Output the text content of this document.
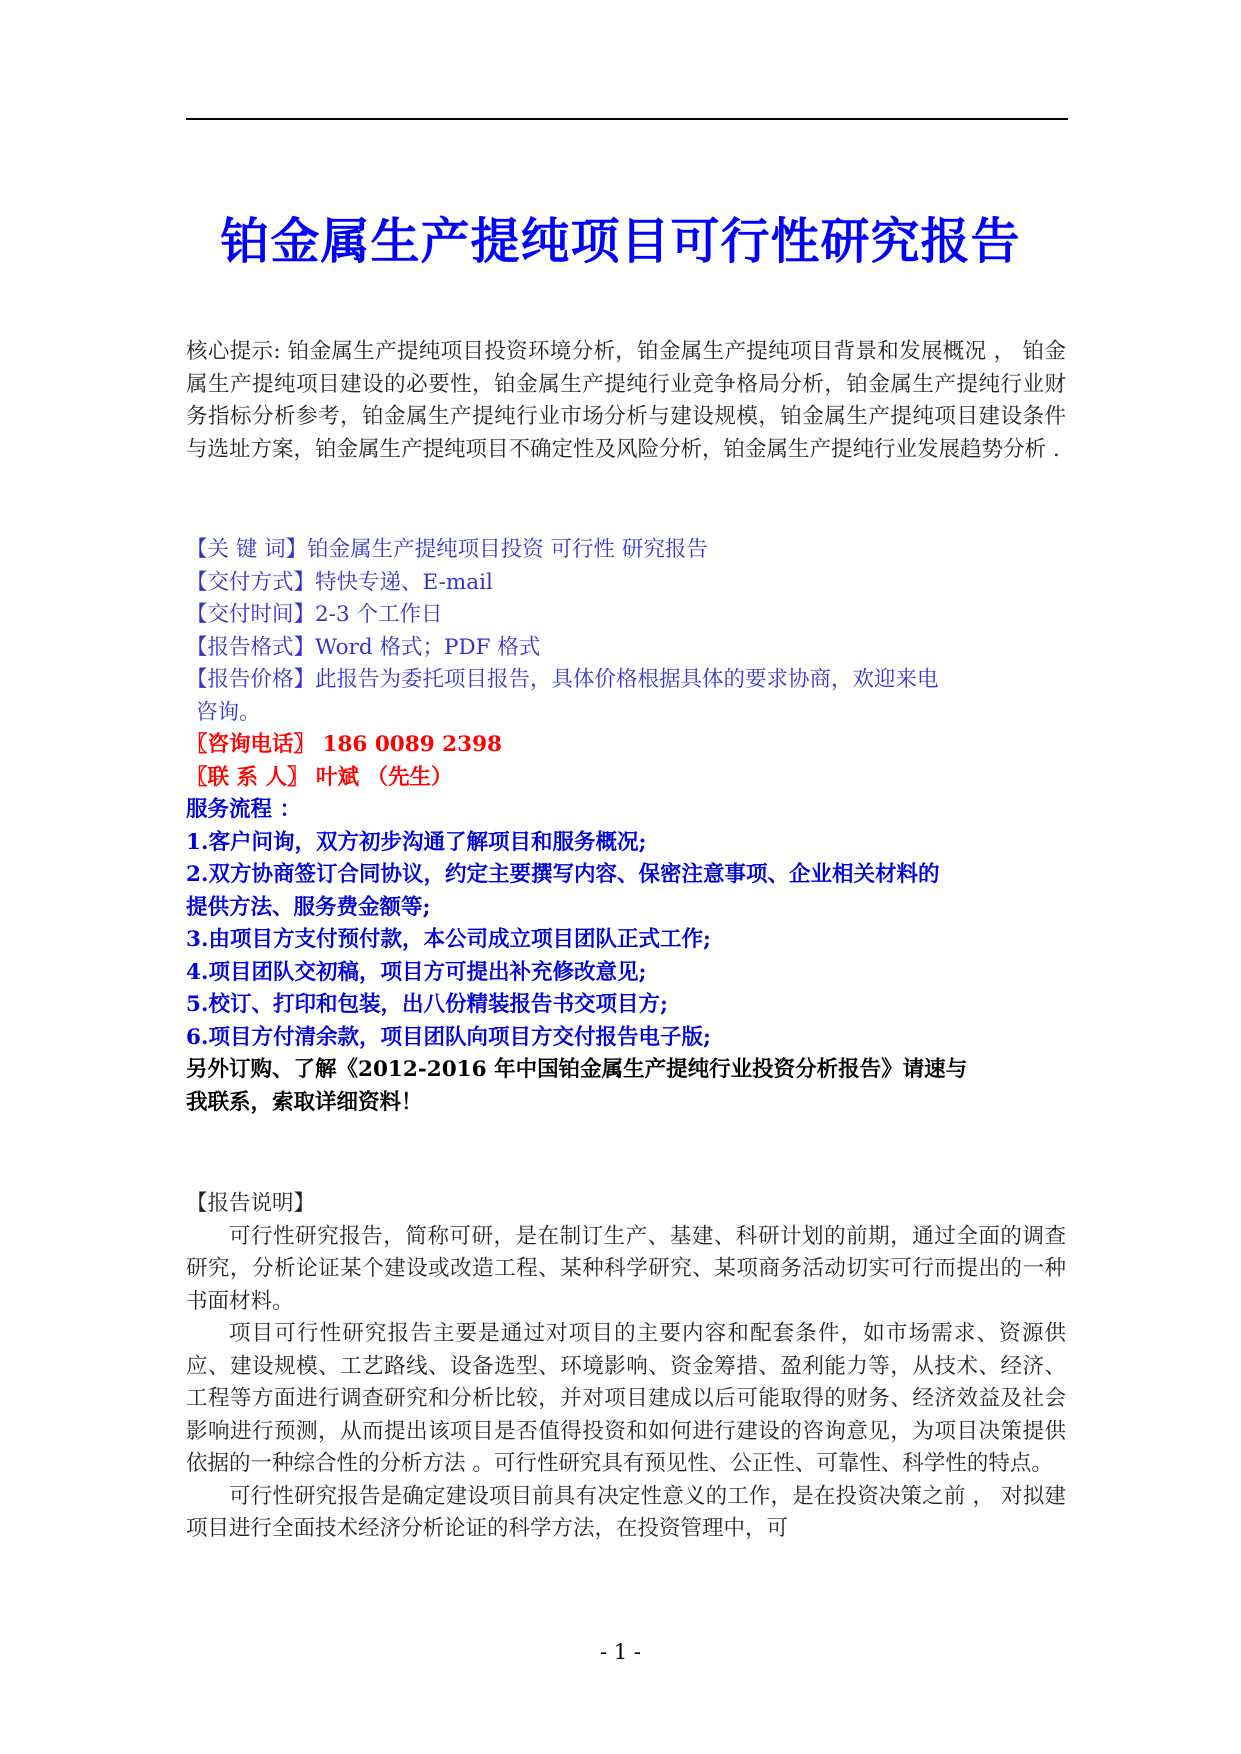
铂金属生产提纯项目可行性研究报告
核心提示: 铂金属生产提纯项目投资环境分析，铂金属生产提纯项目背景和发展概况 ， 铂金属生产提纯项目建设的必要性，铂金属生产提纯行业竞争格局分析，铂金属生产提纯行业财务指标分析参考，铂金属生产提纯行业市场分析与建设规模，铂金属生产提纯项目建设条件与选址方案，铂金属生产提纯项目不确定性及风险分析，铂金属生产提纯行业发展趋势分析 .
【关 键 词】铂金属生产提纯项目投资 可行性 研究报告
【交付方式】特快专递、E-mail
【交付时间】2-3 个工作日
【报告格式】Word 格式；PDF 格式
【报告价格】此报告为委托项目报告，具体价格根据具体的要求协商，欢迎来电
咨询。
〖咨询电话〗 186 0089 2398
〖联 系 人〗 叶斌 （先生）
服务流程 ：
1.客户问询，双方初步沟通了解项目和服务概况;
2.双方协商签订合同协议，约定主要撰写内容、保密注意事项、企业相关材料的
提供方法、服务费金额等;
3.由项目方支付预付款，本公司成立项目团队正式工作;
4.项目团队交初稿，项目方可提出补充修改意见;
5.校订、打印和包装，出八份精装报告书交项目方;
6.项目方付清余款，项目团队向项目方交付报告电子版;
另外订购、了解《2012-2016 年中国铂金属生产提纯行业投资分析报告》请速与
我联系，索取详细资料！
【报告说明】
可行性研究报告，简称可研，是在制订生产、基建、科研计划的前期，通过全面的调查研究，分析论证某个建设或改造工程、某种科学研究、某项商务活动切实可行而提出的一种书面材料。
项目可行性研究报告主要是通过对项目的主要内容和配套条件，如市场需求、资源供应、建设规模、工艺路线、设备选型、环境影响、资金筹措、盈利能力等，从技术、经济、工程等方面进行调查研究和分析比较，并对项目建成以后可能取得的财务、经济效益及社会影响进行预测，从而提出该项目是否值得投资和如何进行建设的咨询意见，为项目决策提供依据的一种综合性的分析方法 。可行性研究具有预见性、公正性、可靠性、科学性的特点。
可行性研究报告是确定建设项目前具有决定性意义的工作，是在投资决策之前 ， 对拟建项目进行全面技术经济分析论证的科学方法，在投资管理中，可
- 1 -
